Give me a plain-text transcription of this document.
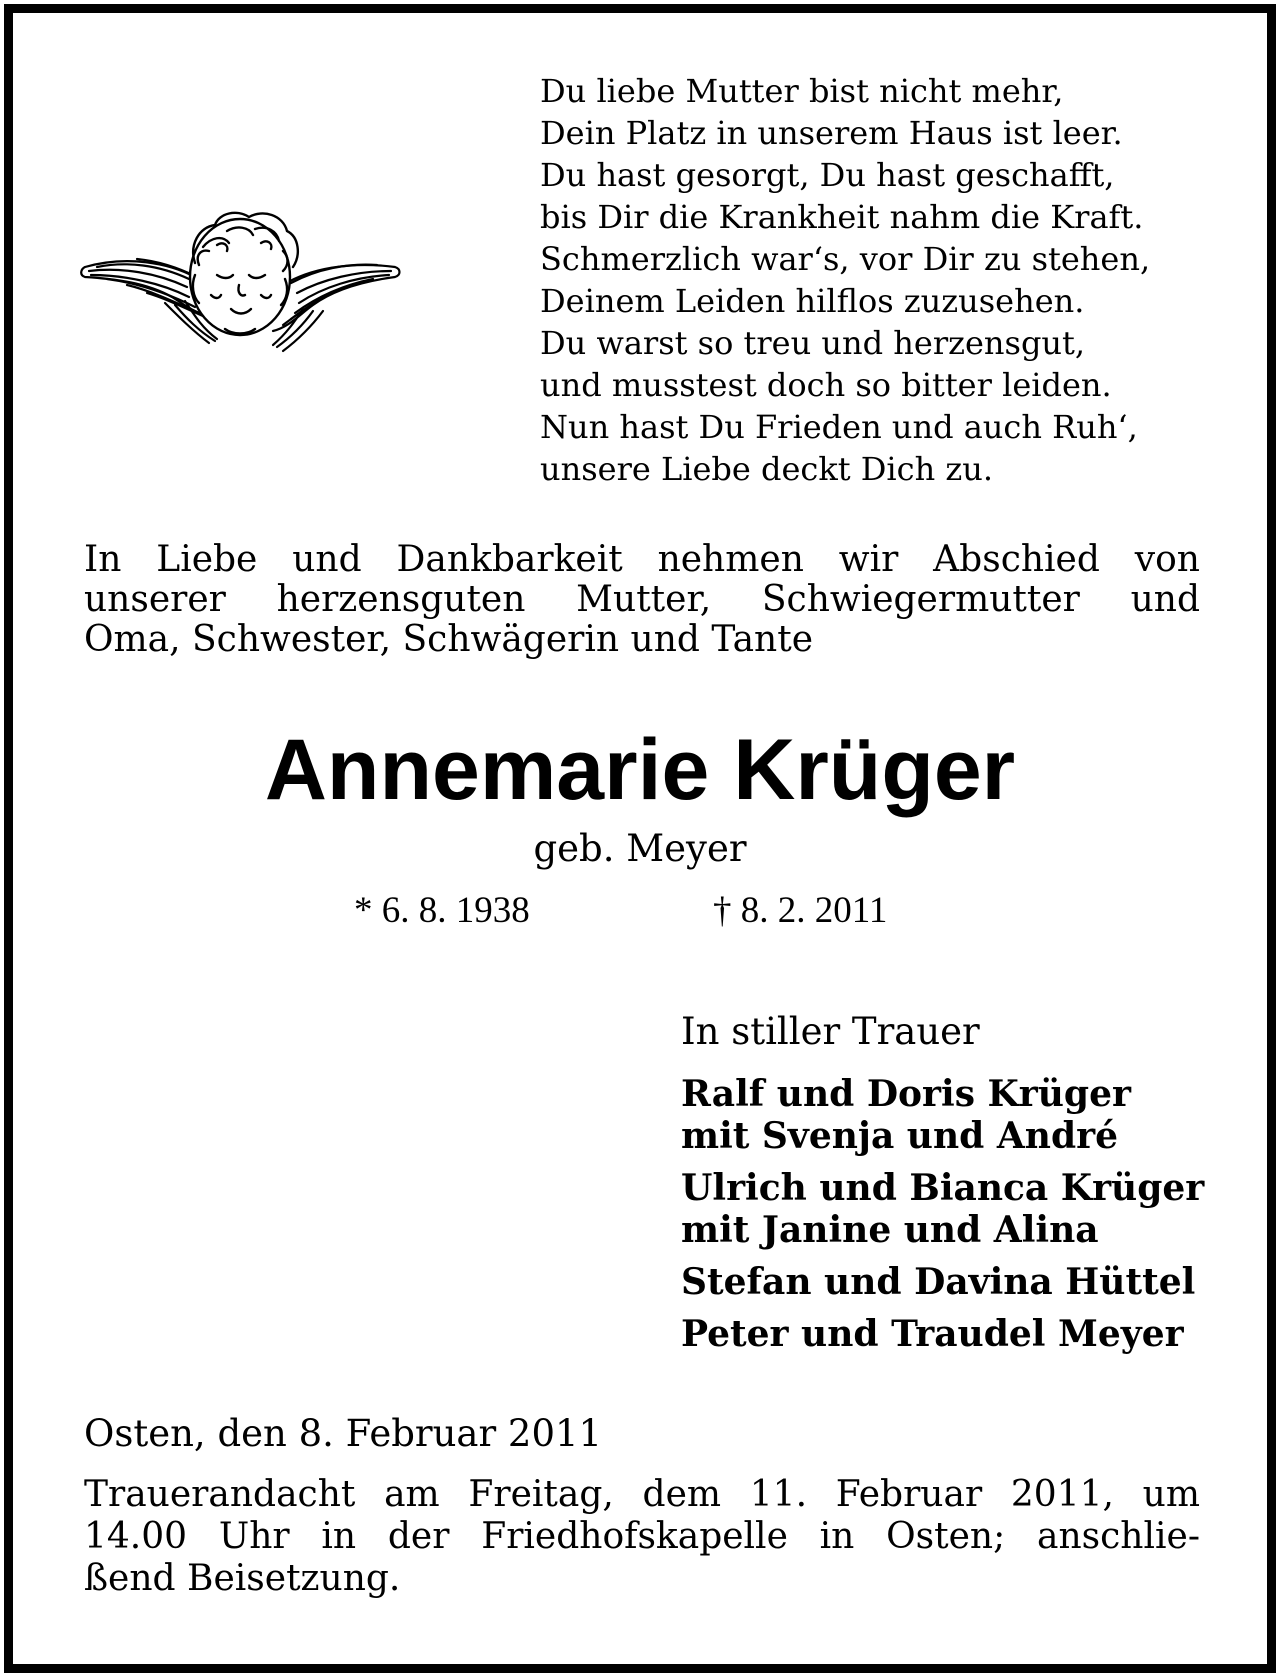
Du liebe Mutter bist nicht mehr,
Dein Platz in unserem Haus ist leer.
Du hast gesorgt, Du hast geschafft,
bis Dir die Krankheit nahm die Kraft.
Schmerzlich war‘s, vor Dir zu stehen,
Deinem Leiden hilflos zuzusehen.
Du warst so treu und herzensgut,
und musstest doch so bitter leiden.
Nun hast Du Frieden und auch Ruh‘,
unsere Liebe deckt Dich zu.
In Liebe und Dankbarkeit nehmen wir Abschied von
unserer herzensguten Mutter, Schwiegermutter und
Oma, Schwester, Schwägerin und Tante
Annemarie Krüger
geb. Meyer
* 6. 8. 1938	† 8. 2. 2011
In stiller Trauer
Ralf und Doris Krüger
mit Svenja und André
Ulrich und Bianca Krüger
mit Janine und Alina
Stefan und Davina Hüttel
Peter und Traudel Meyer
Osten, den 8. Februar 2011
Trauerandacht am Freitag, dem 11. Februar 2011, um
14.00 Uhr in der Friedhofskapelle in Osten; anschlie-
ßend Beisetzung.
